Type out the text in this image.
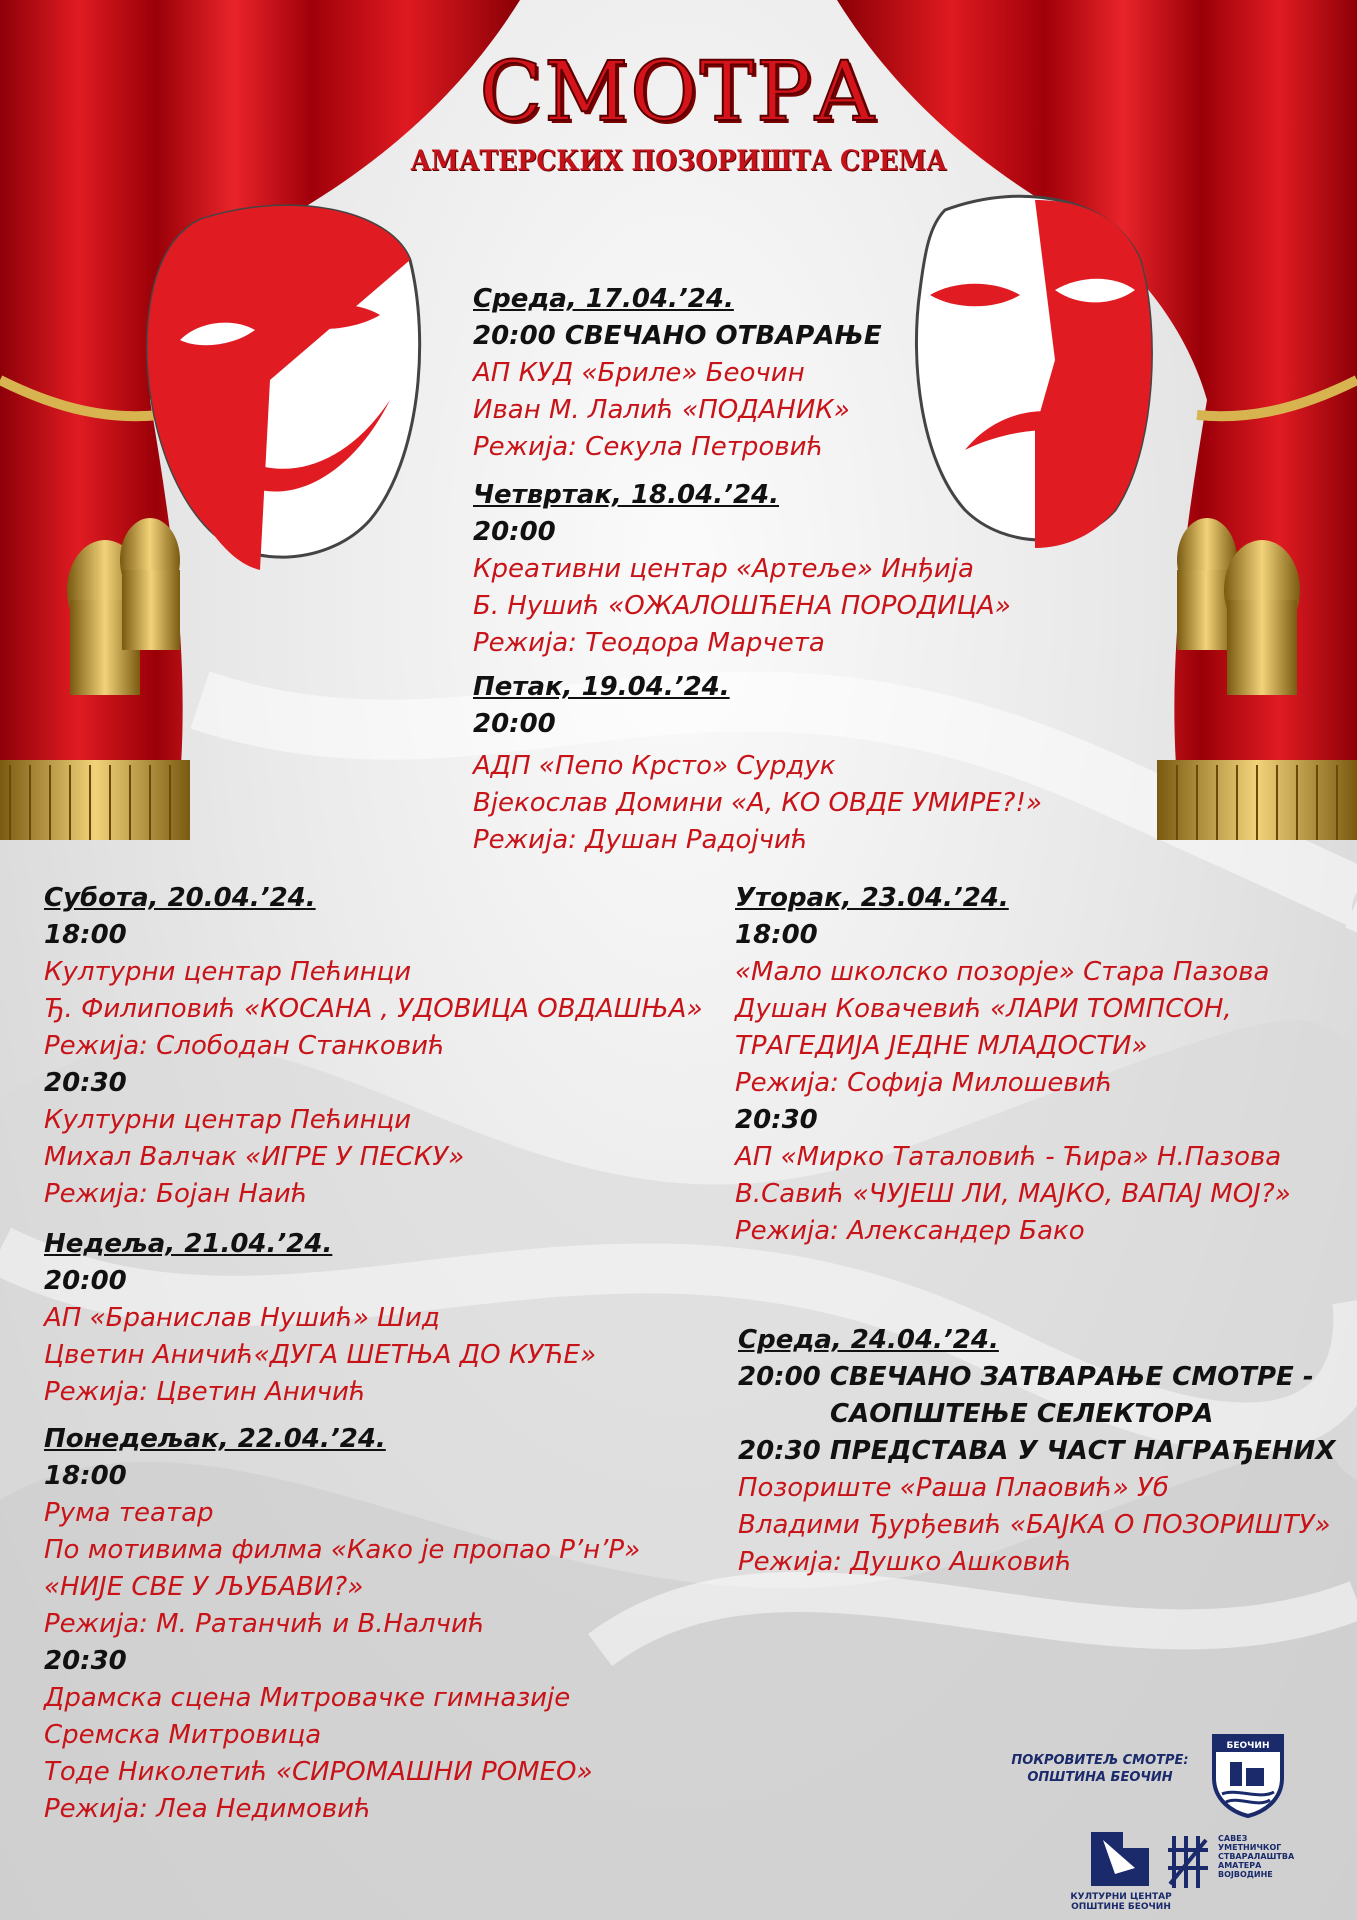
СМОТРА
АМАТЕРСКИХ ПОЗОРИШТА СРЕМА
Среда, 17.04.’24.
20:00 СВЕЧАНО ОТВАРАЊЕ
АП КУД «Бриле» Беочин
Иван М. Лалић «ПОДАНИК»
Режија: Секула Петровић
Четвртак, 18.04.’24.
20:00
Креативни центар «Артеље» Инђија
Б. Нушић «ОЖАЛОШЋЕНА ПОРОДИЦА»
Режија: Теодора Марчета
Петак, 19.04.’24.
20:00
АДП «Пепо Крсто» Сурдук
Вјекослав Домини «А, КО ОВДЕ УМИРЕ?!»
Режија: Душан Радојчић
Субота, 20.04.’24.
18:00
Културни центар Пећинци
Ђ. Филиповић «КОСАНА , УДОВИЦА ОВДАШЊА»
Режија: Слободан Станковић
20:30
Културни центар Пећинци
Михал Валчак «ИГРЕ У ПЕСКУ»
Режија: Бојан Наић
Недеља, 21.04.’24.
20:00
АП «Бранислав Нушић» Шид
Цветин Аничић«ДУГА ШЕТЊА ДО КУЋЕ»
Режија: Цветин Аничић
Понедељак, 22.04.’24.
18:00
Рума театар
По мотивима филма «Како је пропао Р’н’Р»
«НИЈЕ СВЕ У ЉУБАВИ?»
Режија: М. Ратанчић и В.Налчић
20:30
Драмска сцена Митровачке гимназије
Сремска Митровица
Тоде Николетић «СИРОМАШНИ РОМЕО»
Режија: Леа Недимовић
Уторак, 23.04.’24.
18:00
«Мало школско позорје» Стара Пазова
Душан Ковачевић «ЛАРИ ТОМПСОН,
ТРАГЕДИЈА ЈЕДНЕ МЛАДОСТИ»
Режија: Софија Милошевић
20:30
АП «Мирко Таталовић - Ћира» Н.Пазова
В.Савић «ЧУЈЕШ ЛИ, МАЈКО, ВАПАЈ МОЈ?»
Режија: Александер Бако
Среда, 24.04.’24.
20:00 СВЕЧАНО ЗАТВАРАЊЕ СМОТРЕ -
САОПШТЕЊЕ СЕЛЕКТОРА
20:30 ПРЕДСТАВА У ЧАСТ НАГРАЂЕНИХ
Позориште «Раша Плаовић» Уб
Владими Ђурђевић «БАЈКА О ПОЗОРИШТУ»
Режија: Душко Ашковић
ПОКРОВИТЕЉ СМОТРЕ:
ОПШТИНА БЕОЧИН
БЕОЧИН
КУЛТУРНИ ЦЕНТАР
ОПШТИНЕ БЕОЧИН
САВЕЗ
УМЕТНИЧКОГ
СТВАРАЛАШТВА
АМАТЕРА
ВОЈВОДИНЕ
